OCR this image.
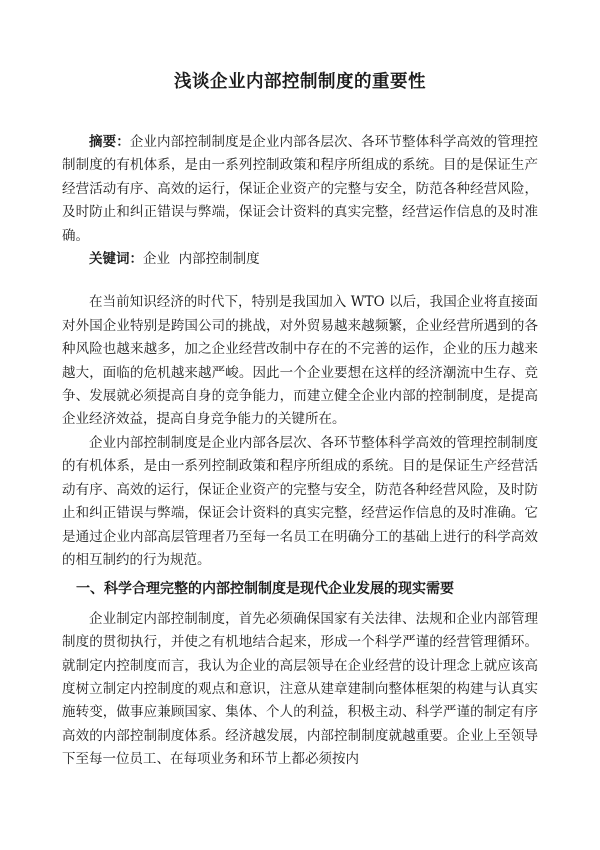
浅谈企业内部控制制度的重要性
摘要：企业内部控制制度是企业内部各层次、各环节整体科学高效的管理控制制度的有机体系，是由一系列控制政策和程序所组成的系统。目的是保证生产经营活动有序、高效的运行，保证企业资产的完整与安全，防范各种经营风险，及时防止和纠正错误与弊端，保证会计资料的真实完整，经营运作信息的及时准确。
关键词：企业  内部控制制度

在当前知识经济的时代下，特别是我国加入 WTO 以后，我国企业将直接面对外国企业特别是跨国公司的挑战，对外贸易越来越频繁，企业经营所遇到的各种风险也越来越多，加之企业经营改制中存在的不完善的运作，企业的压力越来越大，面临的危机越来越严峻。因此一个企业要想在这样的经济潮流中生存、竞争、发展就必须提高自身的竞争能力，而建立健全企业内部的控制制度，是提高企业经济效益，提高自身竞争能力的关键所在。

企业内部控制制度是企业内部各层次、各环节整体科学高效的管理控制制度的有机体系，是由一系列控制政策和程序所组成的系统。目的是保证生产经营活动有序、高效的运行，保证企业资产的完整与安全，防范各种经营风险，及时防止和纠正错误与弊端，保证会计资料的真实完整，经营运作信息的及时准确。它是通过企业内部高层管理者乃至每一名员工在明确分工的基础上进行的科学高效的相互制约的行为规范。

一、科学合理完整的内部控制制度是现代企业发展的现实需要

企业制定内部控制制度，首先必须确保国家有关法律、法规和企业内部管理制度的贯彻执行，并使之有机地结合起来，形成一个科学严谨的经营管理循环。就制定内控制度而言，我认为企业的高层领导在企业经营的设计理念上就应该高度树立制定内控制度的观点和意识，注意从建章建制向整体框架的构建与认真实施转变，做事应兼顾国家、集体、个人的利益，积极主动、科学严谨的制定有序高效的内部控制制度体系。经济越发展，内部控制制度就越重要。企业上至领导下至每一位员工、在每项业务和环节上都必须按内
